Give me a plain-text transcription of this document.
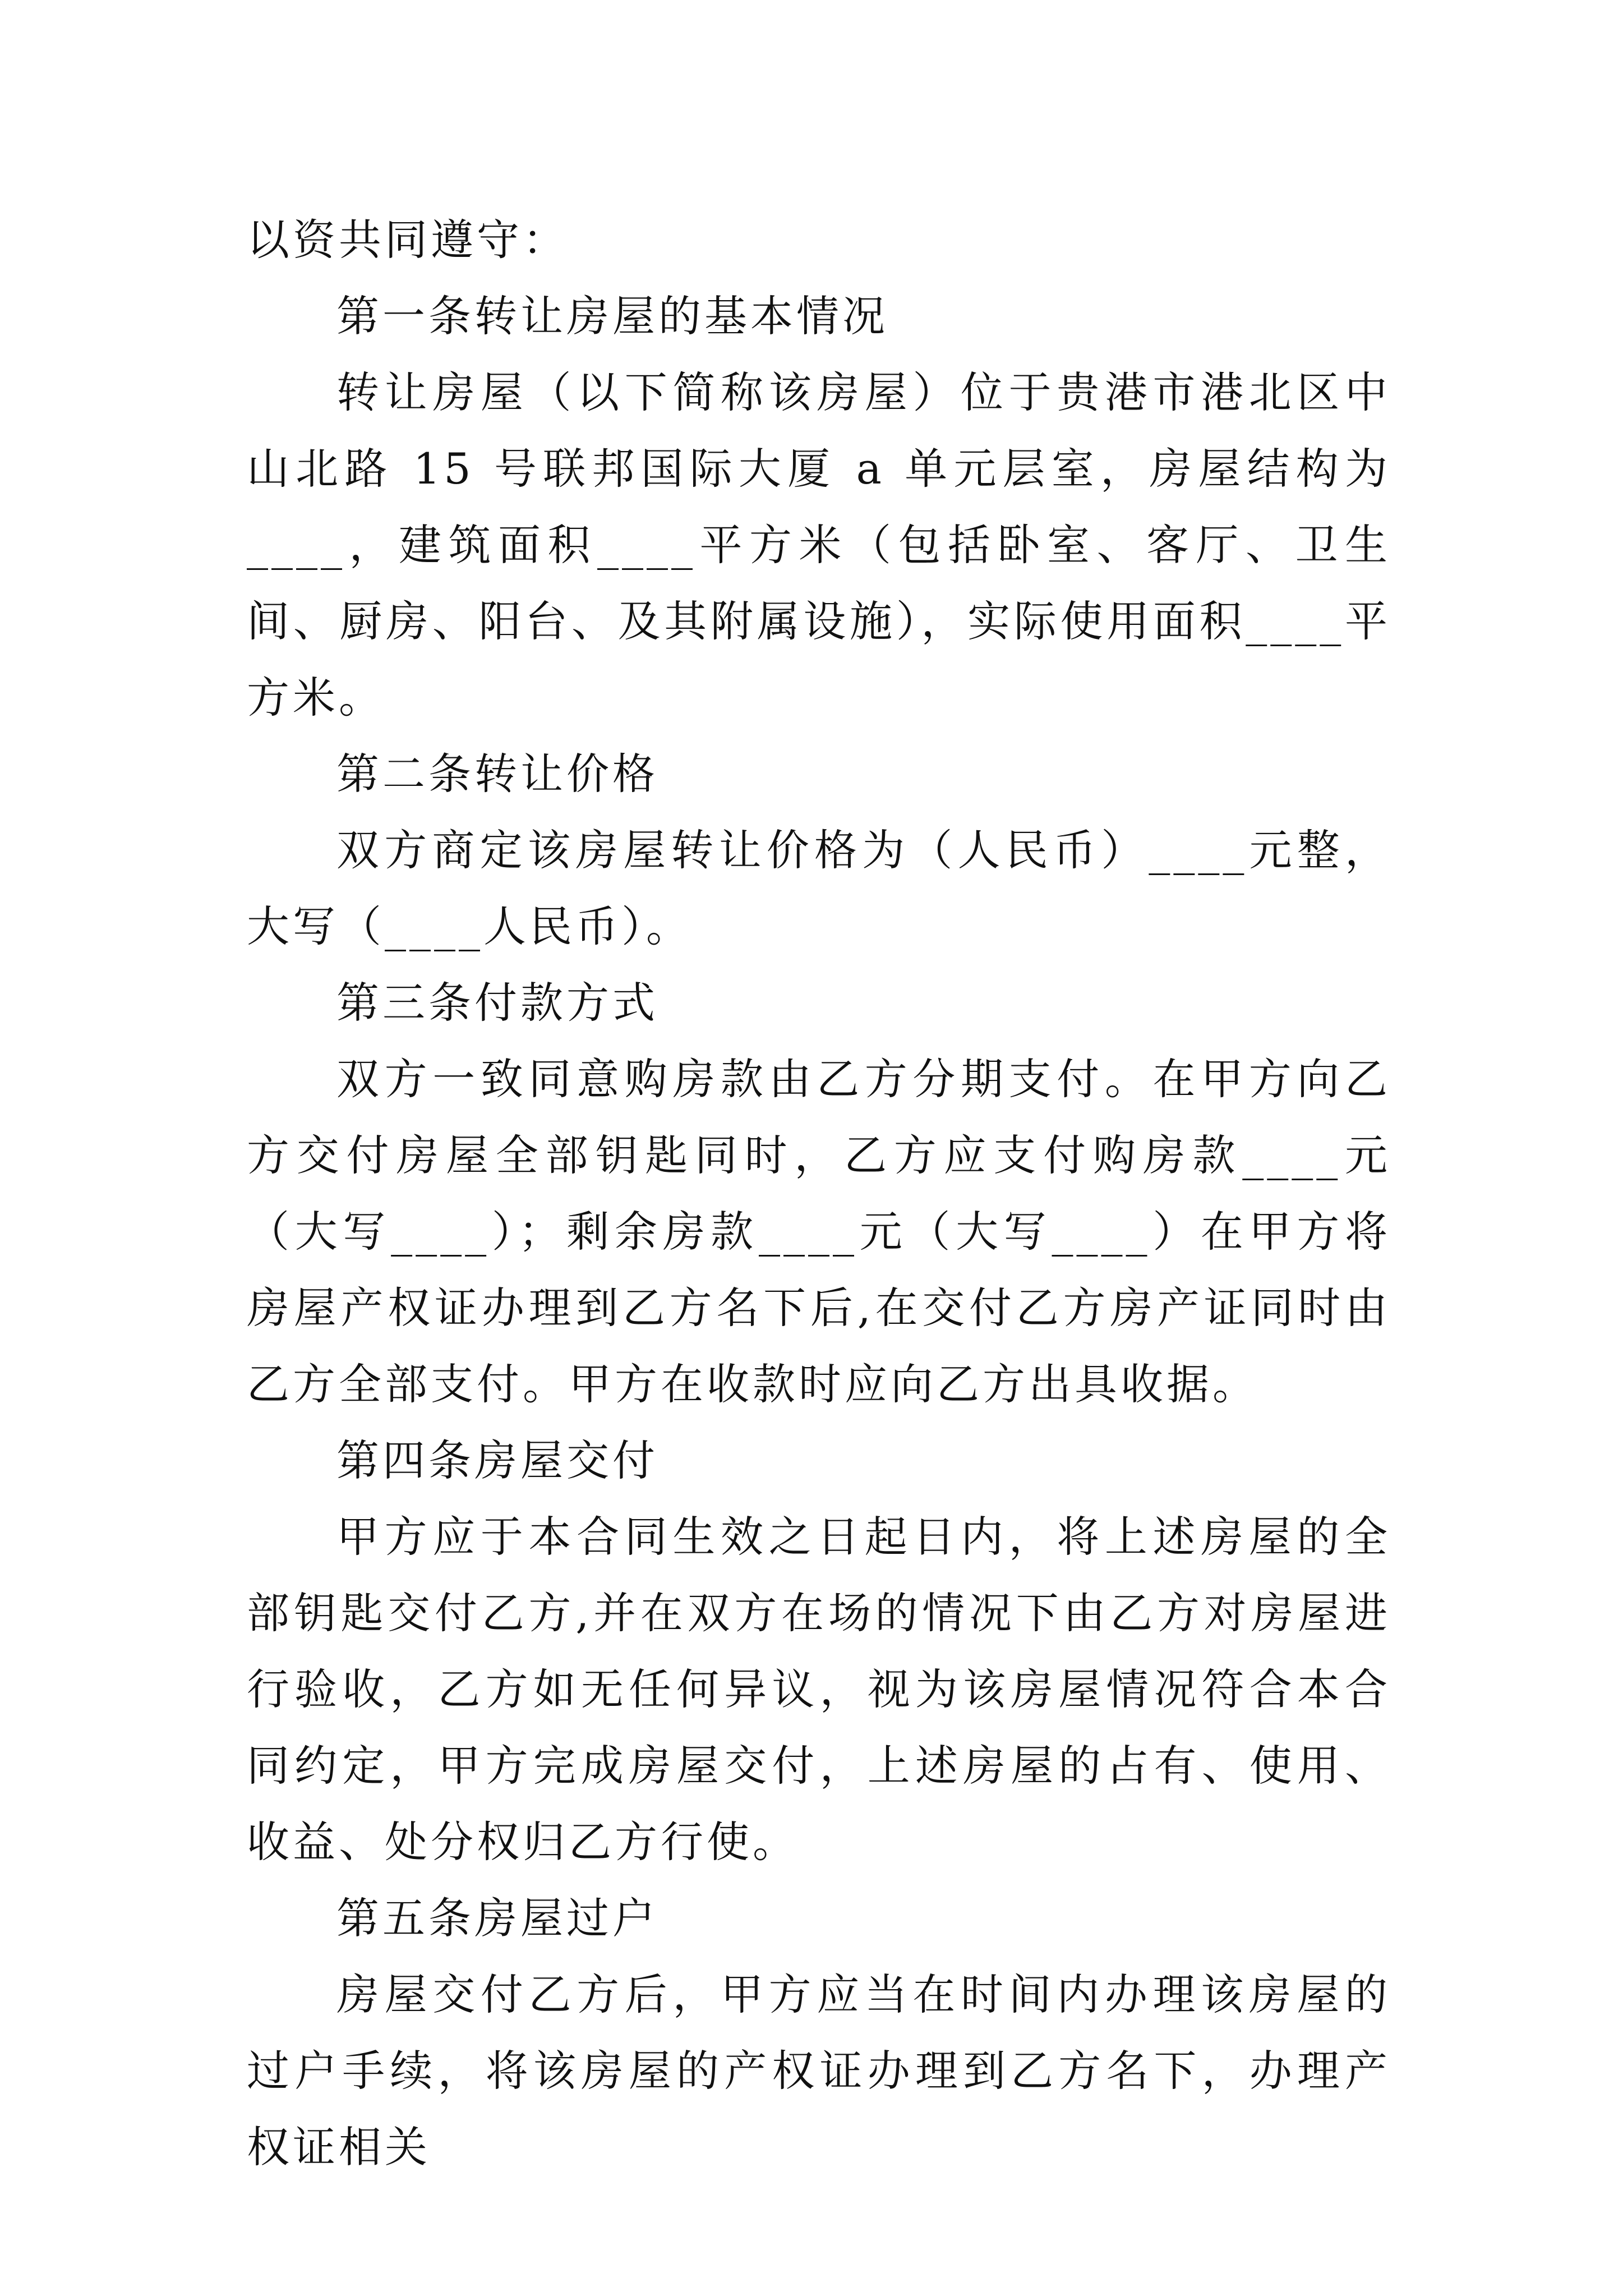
以资共同遵守：

第一条转让房屋的基本情况

转让房屋（以下简称该房屋）位于贵港市港北区中山北路 15 号联邦国际大厦 a 单元层室，房屋结构为____，建筑面积____平方米（包括卧室、客厅、卫生间、厨房、阳台、及其附属设施），实际使用面积____平方米。

第二条转让价格

双方商定该房屋转让价格为（人民币）____元整，大写（____人民币）。

第三条付款方式

双方一致同意购房款由乙方分期支付。在甲方向乙方交付房屋全部钥匙同时，乙方应支付购房款____元（大写____）；剩余房款____元（大写____）在甲方将房屋产权证办理到乙方名下后,在交付乙方房产证同时由乙方全部支付。甲方在收款时应向乙方出具收据。

第四条房屋交付

甲方应于本合同生效之日起日内，将上述房屋的全部钥匙交付乙方,并在双方在场的情况下由乙方对房屋进行验收，乙方如无任何异议，视为该房屋情况符合本合同约定，甲方完成房屋交付，上述房屋的占有、使用、收益、处分权归乙方行使。

第五条房屋过户

房屋交付乙方后，甲方应当在时间内办理该房屋的过户手续，将该房屋的产权证办理到乙方名下，办理产权证相关
